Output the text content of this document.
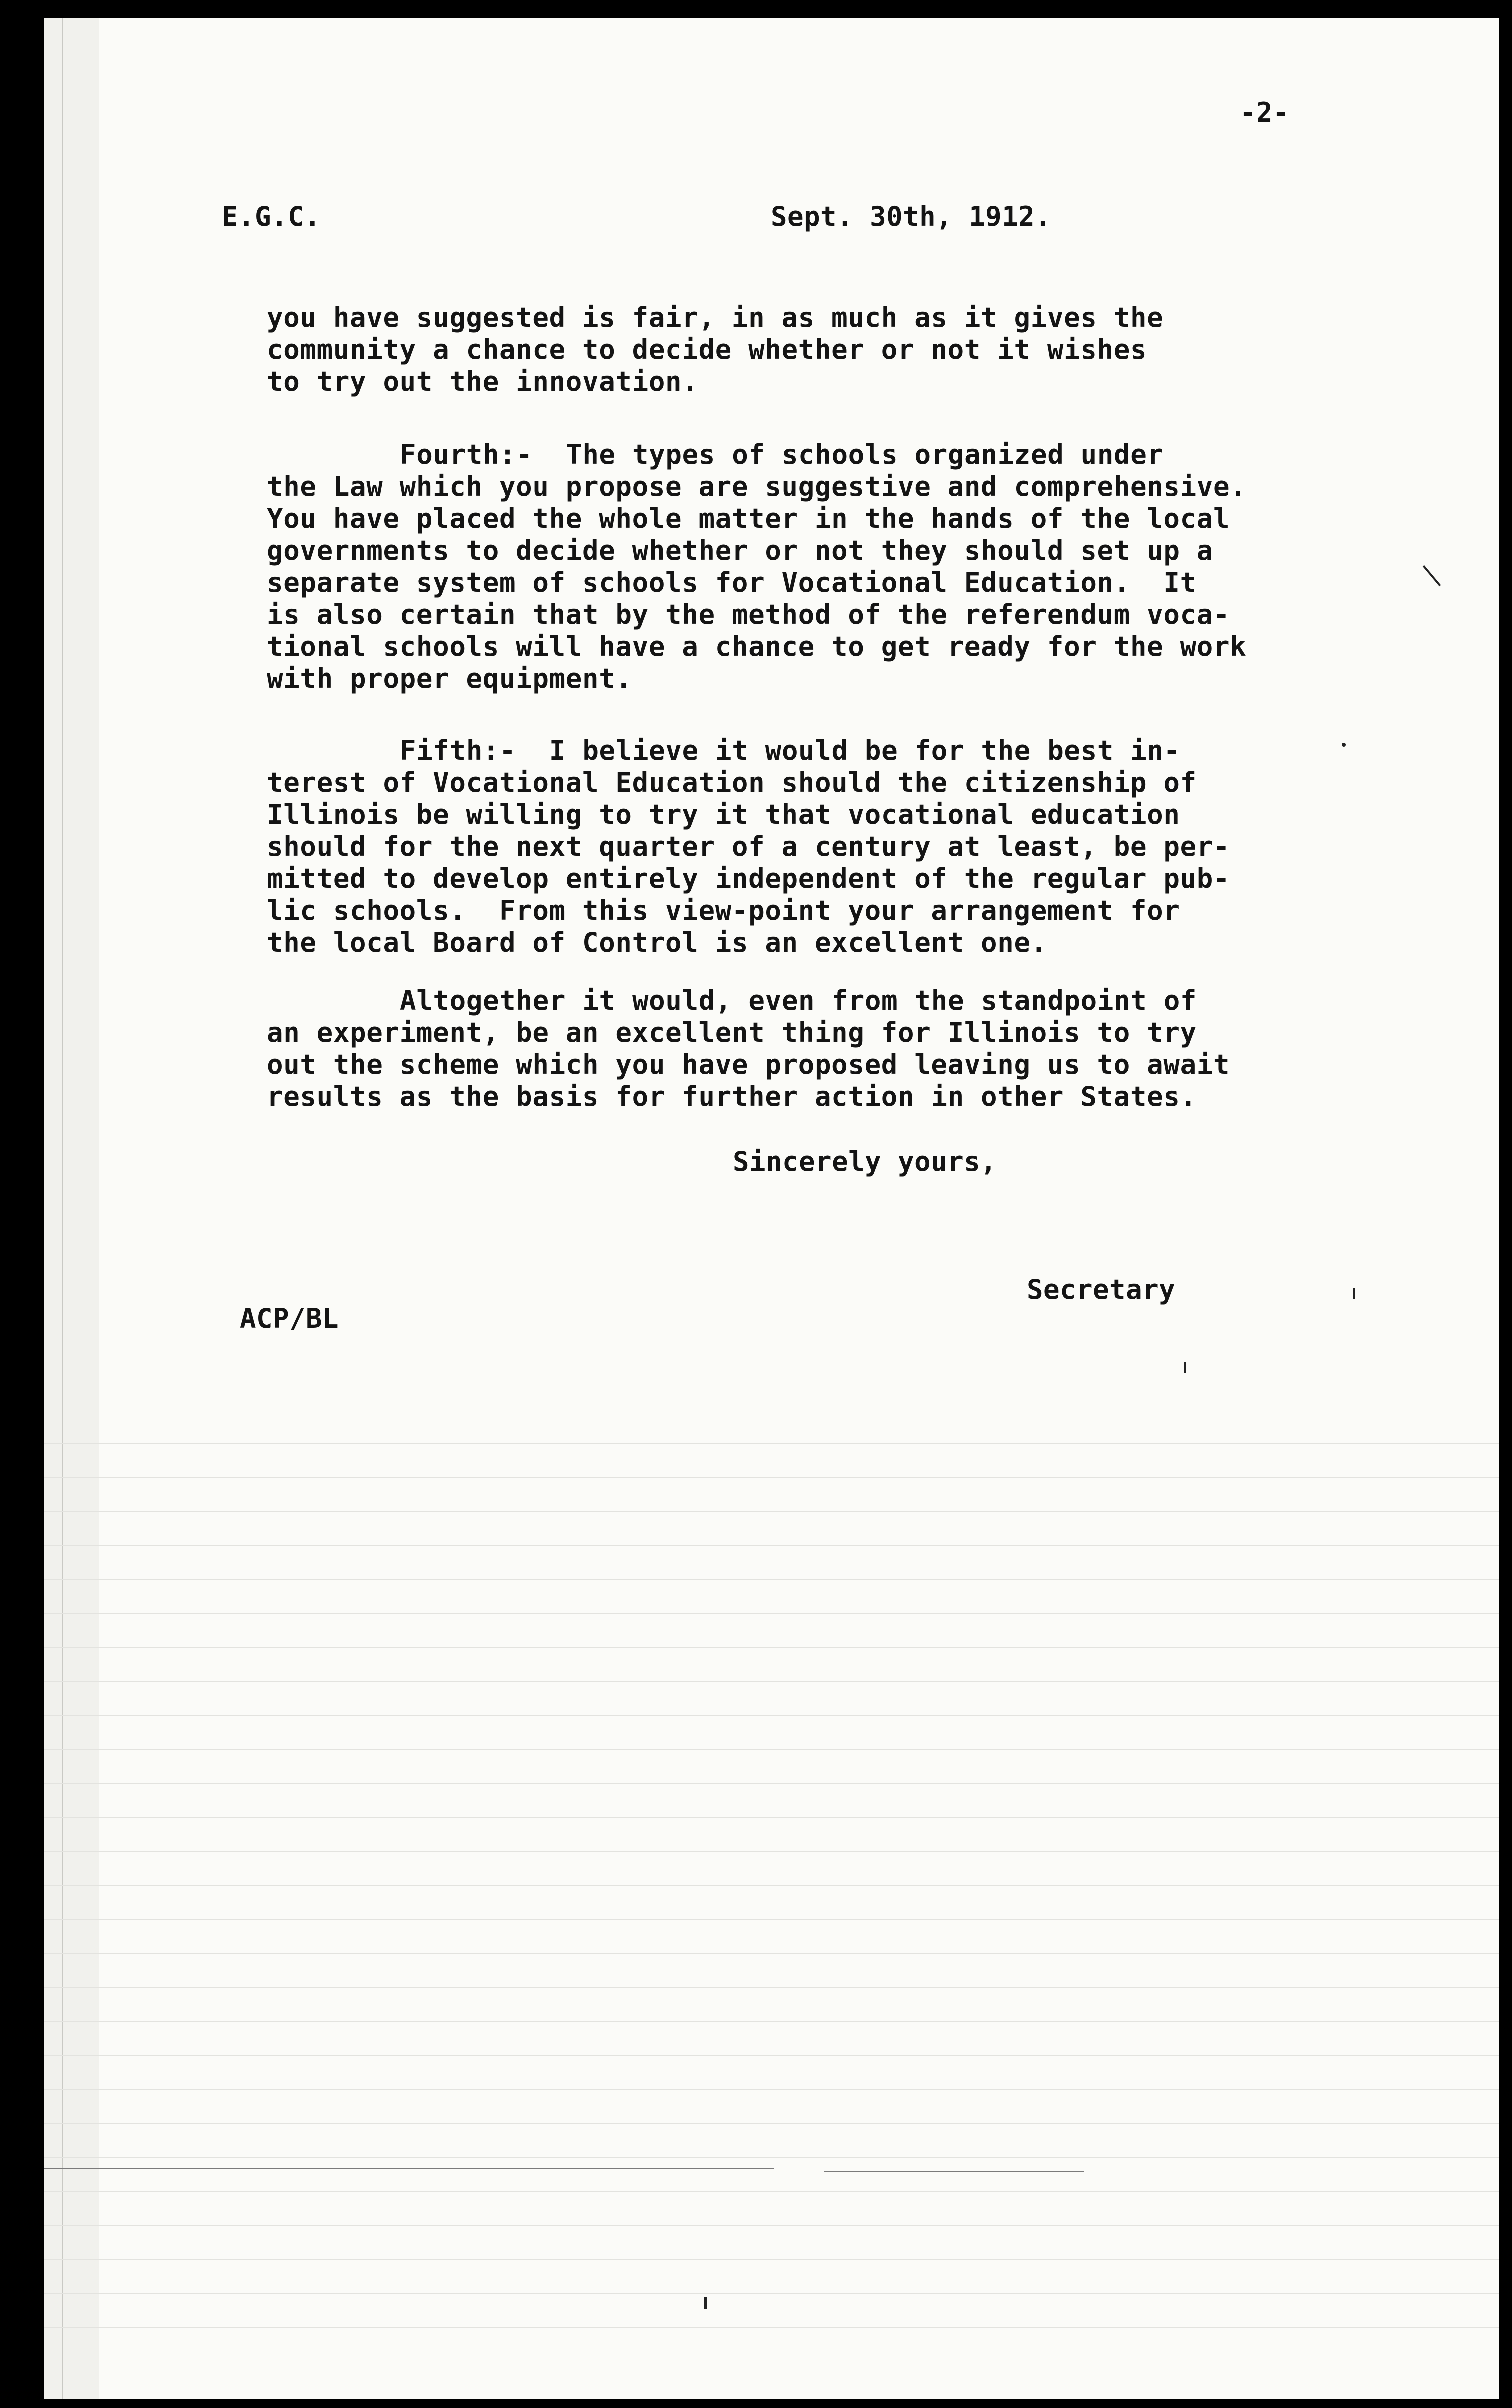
-2-
E.G.C.	Sept. 30th, 1912.
you have suggested is fair, in as much as it gives the
community a chance to decide whether or not it wishes
to try out the innovation.
Fourth:-  The types of schools organized under
the Law which you propose are suggestive and comprehensive.
You have placed the whole matter in the hands of the local
governments to decide whether or not they should set up a
separate system of schools for Vocational Education.  It
is also certain that by the method of the referendum voca-
tional schools will have a chance to get ready for the work
with proper equipment.
Fifth:-  I believe it would be for the best in-
terest of Vocational Education should the citizenship of
Illinois be willing to try it that vocational education
should for the next quarter of a century at least, be per-
mitted to develop entirely independent of the regular pub-
lic schools.  From this view-point your arrangement for
the local Board of Control is an excellent one.
Altogether it would, even from the standpoint of
an experiment, be an excellent thing for Illinois to try
out the scheme which you have proposed leaving us to await
results as the basis for further action in other States.
Sincerely yours,
Secretary
ACP/BL
